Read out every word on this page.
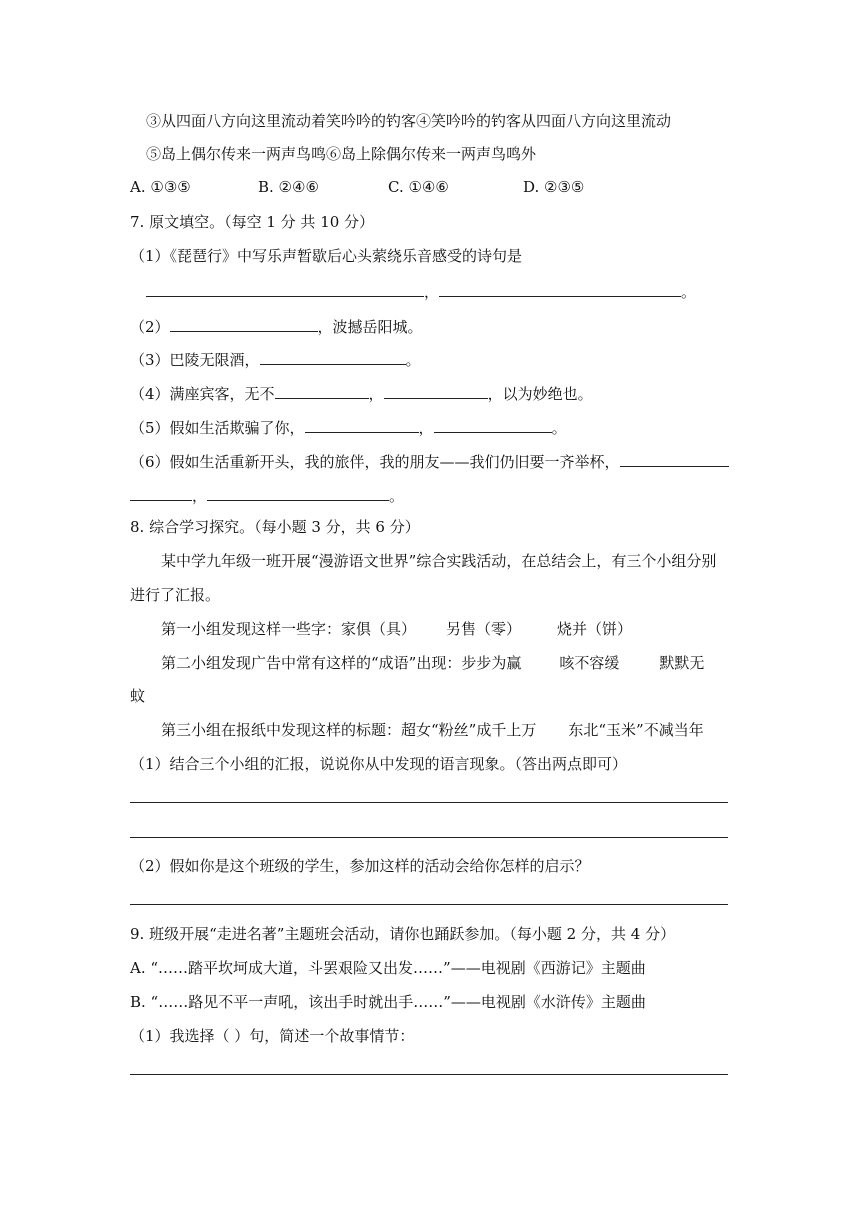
③从四面八方向这里流动着笑吟吟的钓客④笑吟吟的钓客从四面八方向这里流动
⑤岛上偶尔传来一两声鸟鸣⑥岛上除偶尔传来一两声鸟鸣外
A. ①③⑤	B. ②④⑥	C. ①④⑥	D. ②③⑤
7. 原文填空。（每空 1 分 共 10 分）
（1）《琵琶行》中写乐声暂歇后心头萦绕乐音感受的诗句是
，	。
（2）	，波撼岳阳城。
（3）巴陵无限酒，	。
（4）满座宾客，无不	，	，以为妙绝也。
（5）假如生活欺骗了你，	，	。
（6）假如生活重新开头，我的旅伴，我的朋友——我们仍旧要一齐举杯，
，	。
8. 综合学习探究。（每小题 3 分，共 6 分）
某中学九年级一班开展“漫游语文世界”综合实践活动，在总结会上，有三个小组分别
进行了汇报。
第一小组发现这样一些字：家俱（具） 另售（零） 烧并（饼）
第二小组发现广告中常有这样的“成语”出现：步步为赢	咳不容缓	默默无
蚊
第三小组在报纸中发现这样的标题：超女“粉丝”成千上万 东北“玉米”不减当年
（1）结合三个小组的汇报，说说你从中发现的语言现象。（答出两点即可）
（2）假如你是这个班级的学生，参加这样的活动会给你怎样的启示？
9. 班级开展“走进名著”主题班会活动，请你也踊跃参加。（每小题 2 分，共 4 分）
A. “……踏平坎坷成大道，斗罢艰险又出发……”——电视剧《西游记》主题曲
B. “……路见不平一声吼，该出手时就出手……”——电视剧《水浒传》主题曲
（1）我选择（ ）句，简述一个故事情节：
